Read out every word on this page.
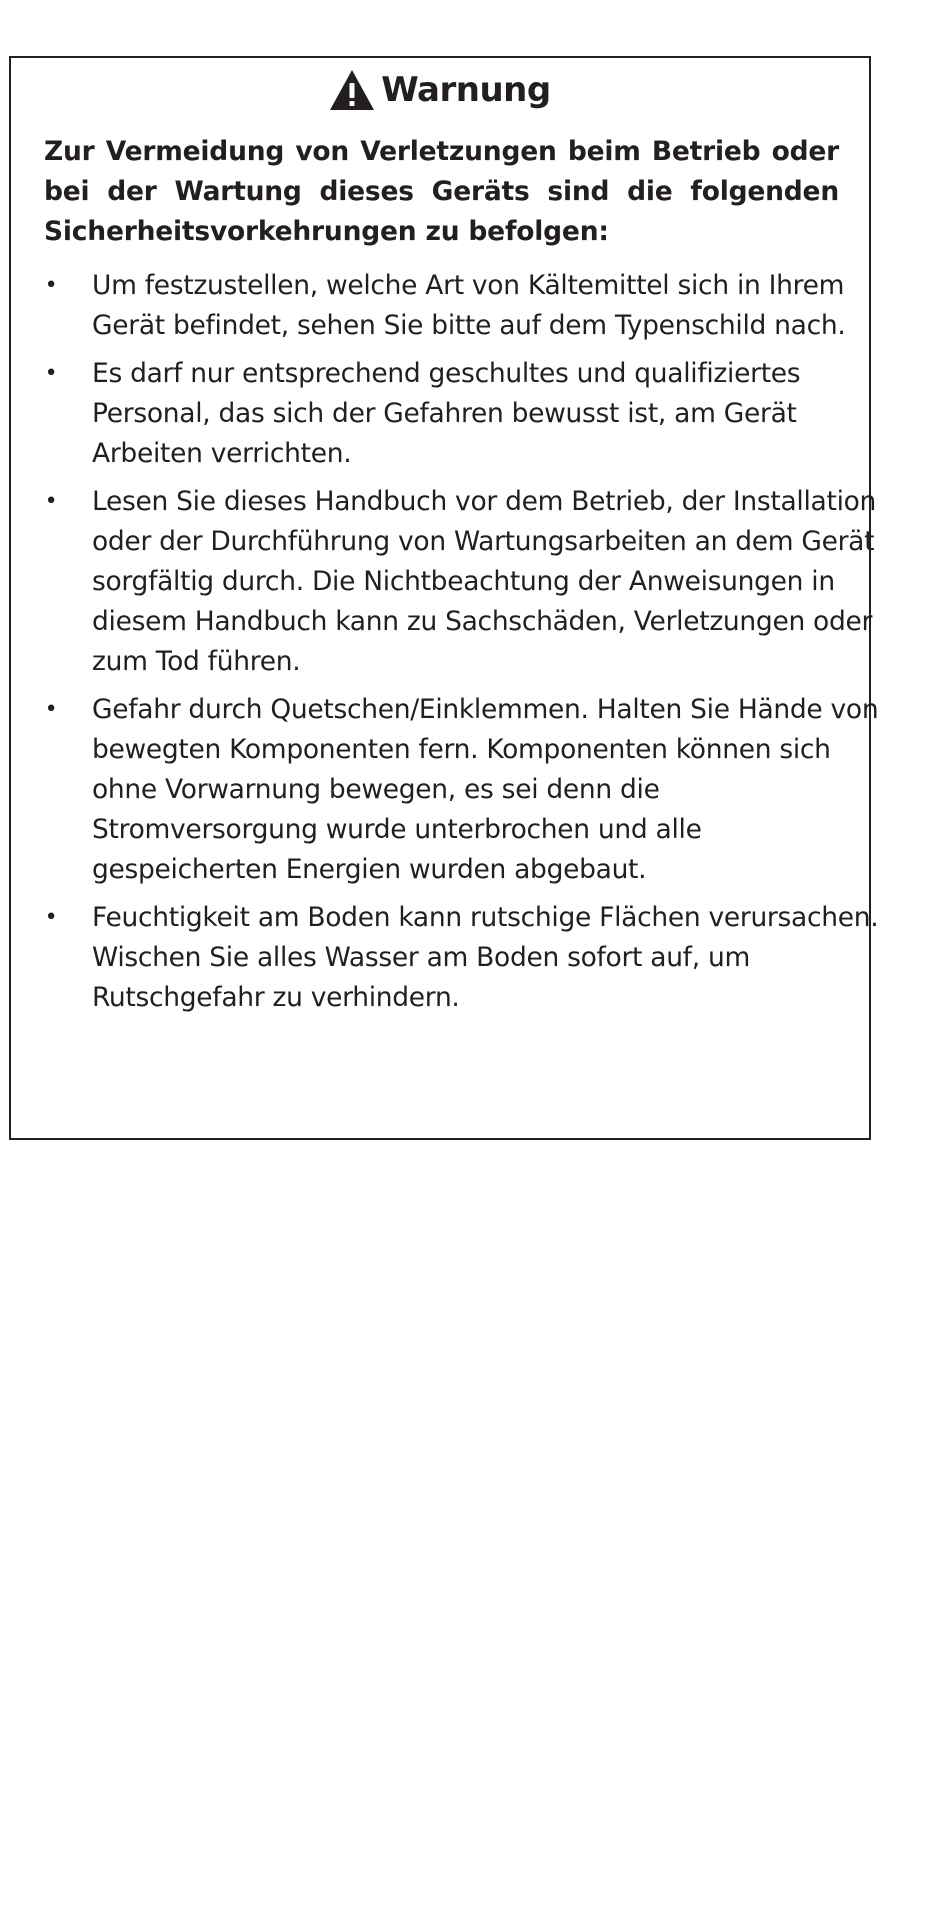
Warnung

Zur Vermeidung von Verletzungen beim Betrieb oder bei der Wartung dieses Geräts sind die folgenden Sicherheitsvorkehrungen zu befolgen:

• Um festzustellen, welche Art von Kältemittel sich in Ihrem Gerät befindet, sehen Sie bitte auf dem Typenschild nach.
• Es darf nur entsprechend geschultes und qualifiziertes Personal, das sich der Gefahren bewusst ist, am Gerät Arbeiten verrichten.
• Lesen Sie dieses Handbuch vor dem Betrieb, der Installation oder der Durchführung von Wartungsarbeiten an dem Gerät sorgfältig durch. Die Nichtbeachtung der Anweisungen in diesem Handbuch kann zu Sachschäden, Verletzungen oder zum Tod führen.
• Gefahr durch Quetschen/Einklemmen. Halten Sie Hände von bewegten Komponenten fern. Komponenten können sich ohne Vorwarnung bewegen, es sei denn die Stromversorgung wurde unterbrochen und alle gespeicherten Energien wurden abgebaut.
• Feuchtigkeit am Boden kann rutschige Flächen verursachen. Wischen Sie alles Wasser am Boden sofort auf, um Rutschgefahr zu verhindern.
